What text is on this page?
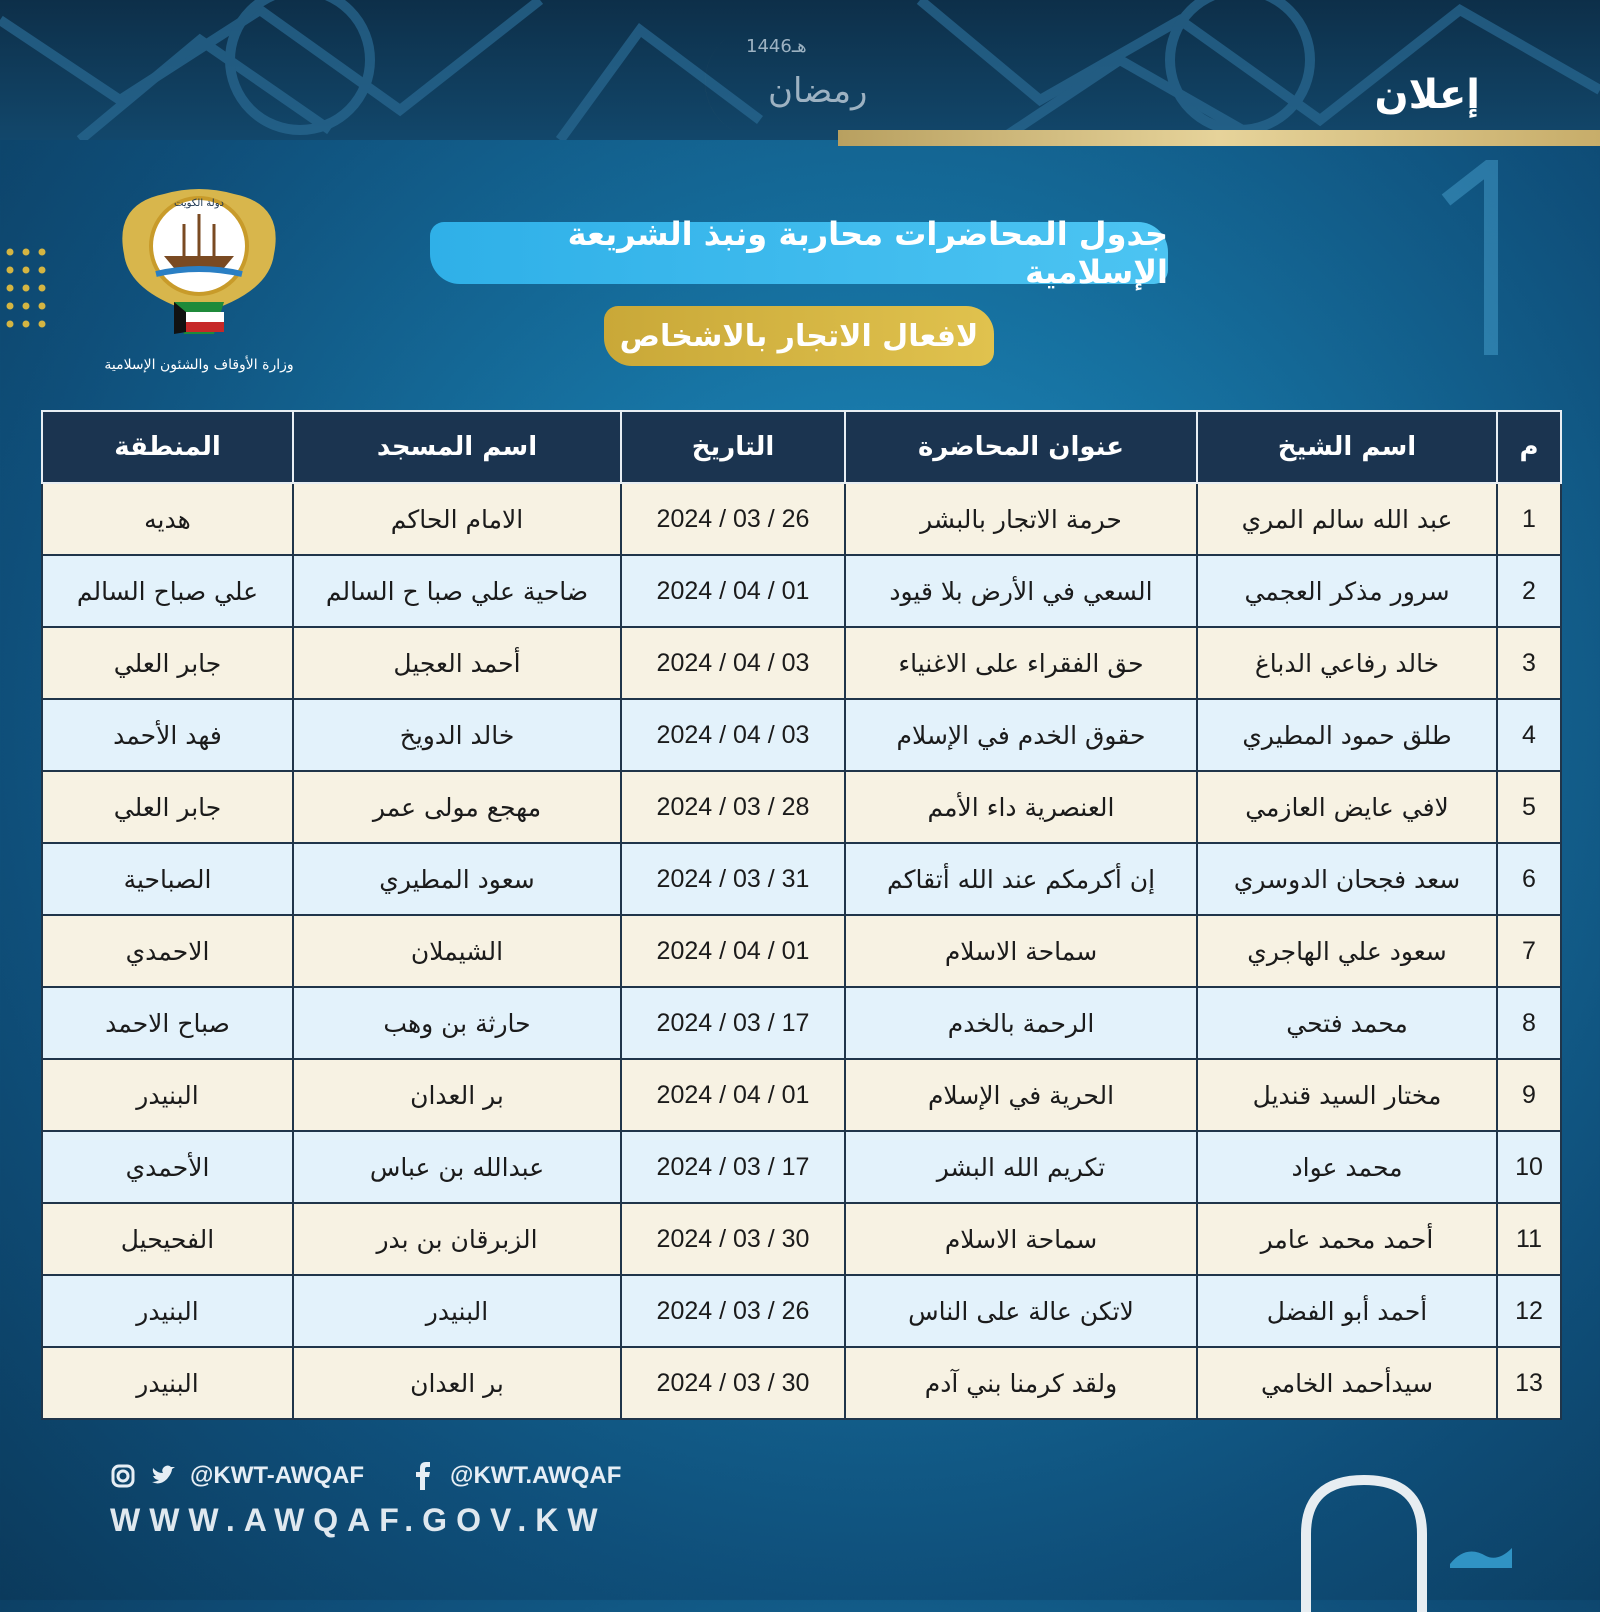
رمضان
1446هـ
إعلان
دولة الكويت
وزارة الأوقاف والشئون الإسلامية
جدول المحاضرات محاربة ونبذ الشريعة الإسلامية
لافعال الاتجار بالاشخاص
م	اسم الشيخ	عنوان المحاضرة	التاريخ	اسم المسجد	المنطقة
1	عبد الله سالم المري	حرمة الاتجار بالبشر	2024 / 03 / 26	الامام الحاكم	هديه
2	سرور مذكر العجمي	السعي في الأرض بلا قيود	2024 / 04 / 01	ضاحية علي صبا ح السالم	علي صباح السالم
3	خالد رفاعي الدباغ	حق الفقراء على الاغنياء	2024 / 04 / 03	أحمد العجيل	جابر العلي
4	طلق حمود المطيري	حقوق الخدم في الإسلام	2024 / 04 / 03	خالد الدويخ	فهد الأحمد
5	لافي عايض العازمي	العنصرية داء الأمم	2024 / 03 / 28	مهجع مولى عمر	جابر العلي
6	سعد فجحان الدوسري	إن أكرمكم عند الله أتقاكم	2024 / 03 / 31	سعود المطيري	الصباحية
7	سعود علي الهاجري	سماحة الاسلام	2024 / 04 / 01	الشيملان	الاحمدي
8	محمد فتحي	الرحمة بالخدم	2024 / 03 / 17	حارثة بن وهب	صباح الاحمد
9	مختار السيد قنديل	الحرية في الإسلام	2024 / 04 / 01	بر العدان	البنيدر
10	محمد عواد	تكريم الله البشر	2024 / 03 / 17	عبدالله بن عباس	الأحمدي
11	أحمد محمد عامر	سماحة الاسلام	2024 / 03 / 30	الزبرقان بن بدر	الفحيحيل
12	أحمد أبو الفضل	لاتكن عالة على الناس	2024 / 03 / 26	البنيدر	البنيدر
13	سيدأحمد الخامي	ولقد كرمنا بني آدم	2024 / 03 / 30	بر العدان	البنيدر
@KWT-AWQAF	@KWT.AWQAF
WWW.AWQAF.GOV.KW
